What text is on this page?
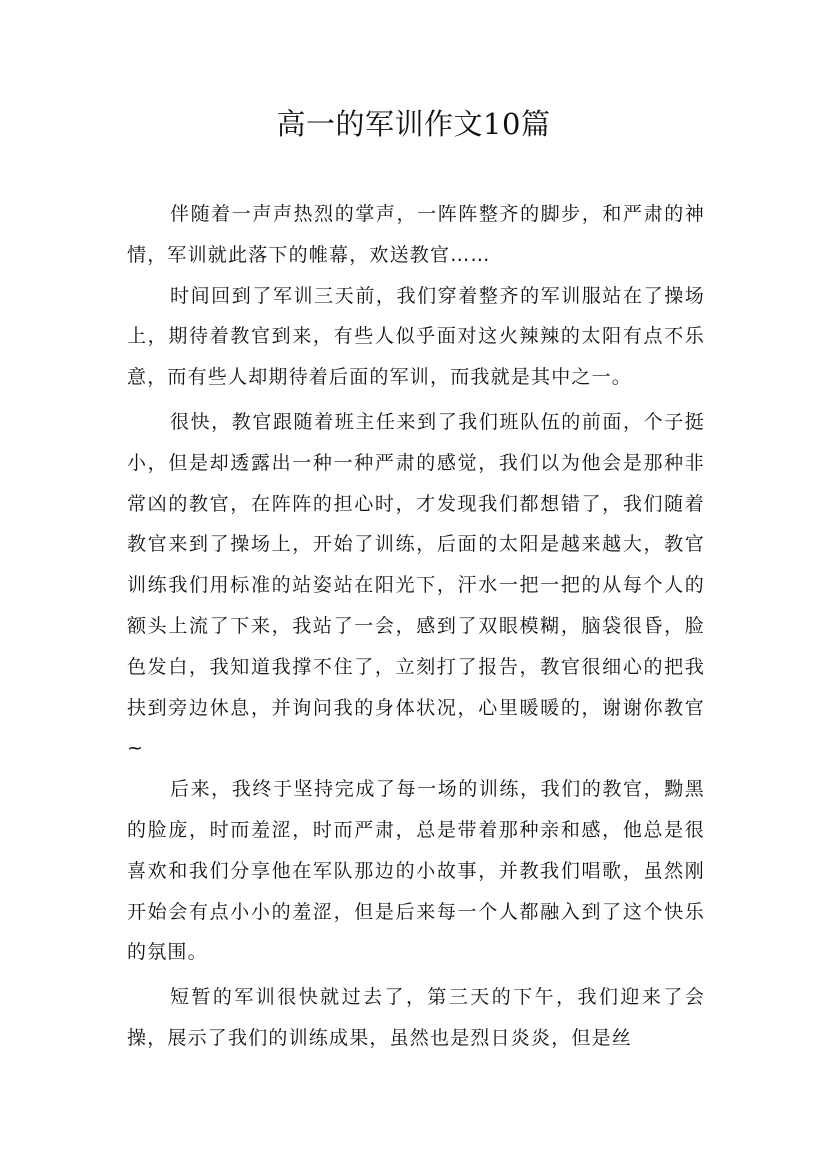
高一的军训作文10篇

伴随着一声声热烈的掌声，一阵阵整齐的脚步，和严肃的神情，军训就此落下的帷幕，欢送教官……

时间回到了军训三天前，我们穿着整齐的军训服站在了操场上，期待着教官到来，有些人似乎面对这火辣辣的太阳有点不乐意，而有些人却期待着后面的军训，而我就是其中之一。

很快，教官跟随着班主任来到了我们班队伍的前面，个子挺小，但是却透露出一种一种严肃的感觉，我们以为他会是那种非常凶的教官，在阵阵的担心时，才发现我们都想错了，我们随着教官来到了操场上，开始了训练，后面的太阳是越来越大，教官训练我们用标准的站姿站在阳光下，汗水一把一把的从每个人的额头上流了下来，我站了一会，感到了双眼模糊，脑袋很昏，脸色发白，我知道我撑不住了，立刻打了报告，教官很细心的把我扶到旁边休息，并询问我的身体状况，心里暖暖的，谢谢你教官~

后来，我终于坚持完成了每一场的训练，我们的教官，黝黑的脸庞，时而羞涩，时而严肃，总是带着那种亲和感，他总是很喜欢和我们分享他在军队那边的小故事，并教我们唱歌，虽然刚开始会有点小小的羞涩，但是后来每一个人都融入到了这个快乐的氛围。

短暂的军训很快就过去了，第三天的下午，我们迎来了会操，展示了我们的训练成果，虽然也是烈日炎炎，但是丝
